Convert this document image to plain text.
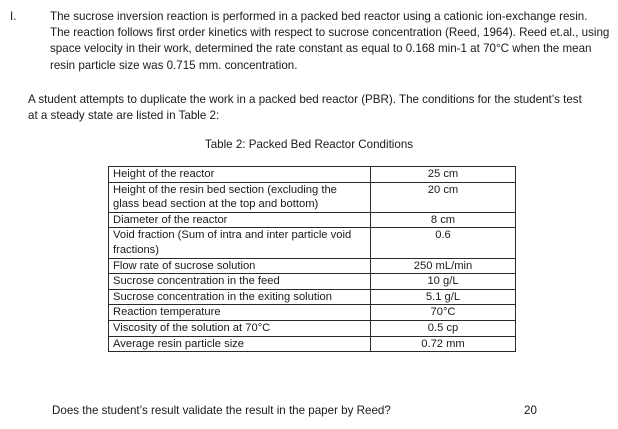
I.	The sucrose inversion reaction is performed in a packed bed reactor using a cationic ion-exchange resin. The reaction follows first order kinetics with respect to sucrose concentration (Reed, 1964). Reed et.al., using space velocity in their work, determined the rate constant as equal to 0.168 min-1 at 70°C when the mean resin particle size was 0.715 mm. concentration.
A student attempts to duplicate the work in a packed bed reactor (PBR). The conditions for the student’s test at a steady state are listed in Table 2:
Table 2: Packed Bed Reactor Conditions
Height of the reactor	25 cm
Height of the resin bed section (excluding the glass bead section at the top and bottom)	20 cm
Diameter of the reactor	8 cm
Void fraction (Sum of intra and inter particle void fractions)	0.6
Flow rate of sucrose solution	250 mL/min
Sucrose concentration in the feed	10 g/L
Sucrose concentration in the exiting solution	5.1 g/L
Reaction temperature	70°C
Viscosity of the solution at 70°C	0.5 cp
Average resin particle size	0.72 mm
Does the student’s result validate the result in the paper by Reed?	20
